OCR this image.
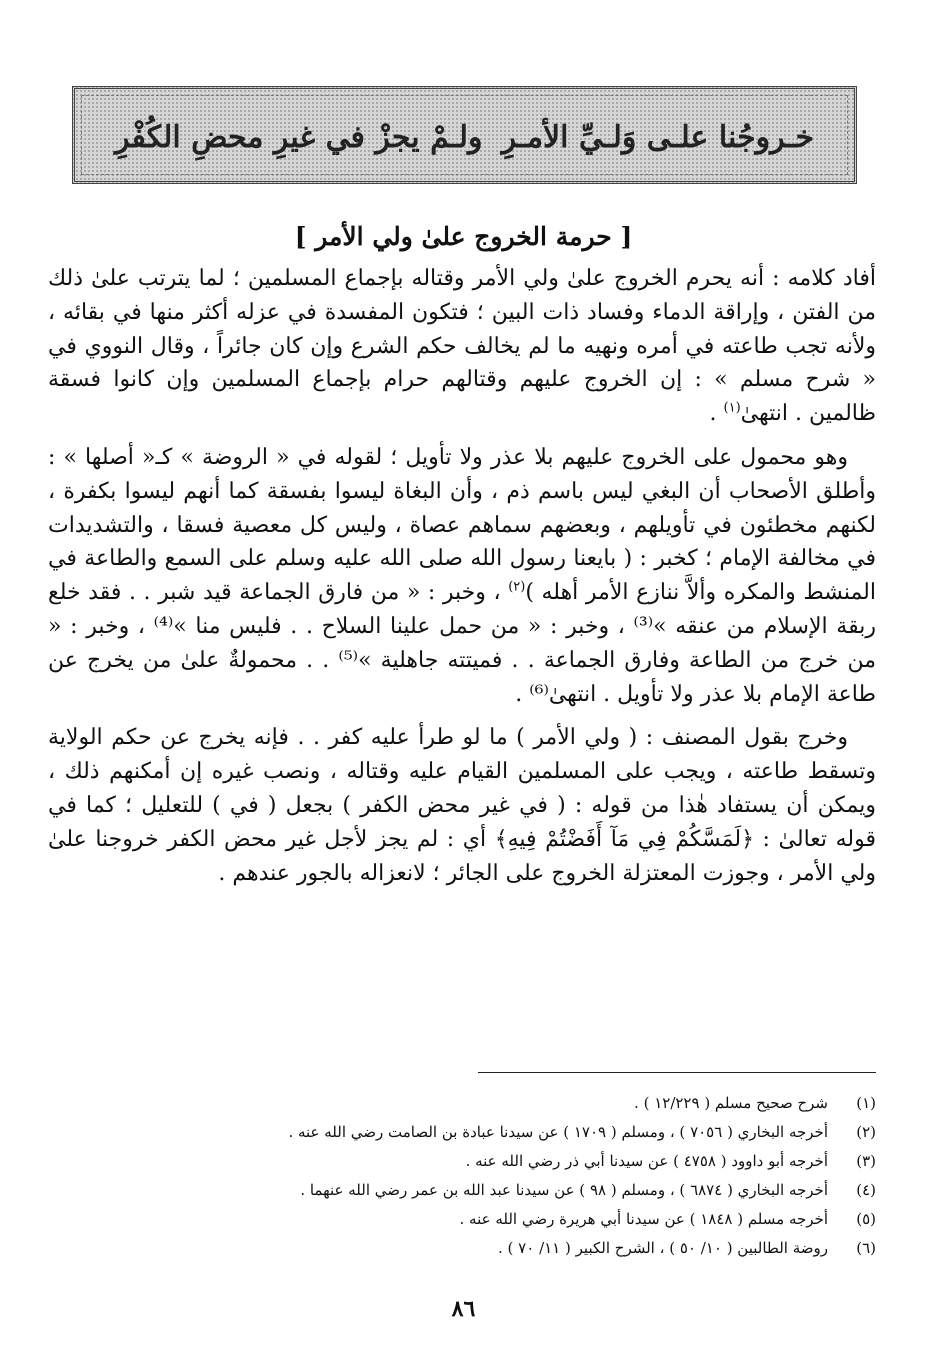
خـروجُنا علـى وَلـيِّ الأمـرِ
ولـمْ يجزْ في غيرِ محضِ الكُفْرِ
[ حرمة الخروج علىٰ ولي الأمر ]

أفاد كلامه : أنه يحرم الخروج علىٰ ولي الأمر وقتاله بإجماع المسلمين ؛ لما يترتب علىٰ ذلك من الفتن ، وإراقة الدماء وفساد ذات البين ؛ فتكون المفسدة في عزله أكثر منها في بقائه ، ولأنه تجب طاعته في أمره ونهيه ما لم يخالف حكم الشرع وإن كان جائراً ، وقال النووي في « شرح مسلم » : إن الخروج عليهم وقتالهم حرام بإجماع المسلمين وإن كانوا فسقة ظالمين . انتهىٰ$^{(١)}$ .

وهو محمول على الخروج عليهم بلا عذر ولا تأويل ؛ لقوله في « الروضة » كـ« أصلها » : وأطلق الأصحاب أن البغي ليس باسم ذم ، وأن البغاة ليسوا بفسقة كما أنهم ليسوا بكفرة ، لكنهم مخطئون في تأويلهم ، وبعضهم سماهم عصاة ، وليس كل معصية فسقا ، والتشديدات في مخالفة الإمام ؛ كخبر : ( بايعنا رسول الله صلى الله عليه وسلم على السمع والطاعة في المنشط والمكره وألاَّ ننازع الأمر أهله )$^{(٢)}$ ، وخبر : « من فارق الجماعة قيد شبر . . فقد خلع ربقة الإسلام من عنقه »⁽³⁾ ، وخبر : « من حمل علينا السلاح . . فليس منا »⁽⁴⁾ ، وخبر : « من خرج من الطاعة وفارق الجماعة . . فميتته جاهلية »⁽⁵⁾ . . محمولةٌ علىٰ من يخرج عن طاعة الإمام بلا عذر ولا تأويل . انتهىٰ⁽⁶⁾ .

وخرج بقول المصنف : ( ولي الأمر ) ما لو طرأ عليه كفر . . فإنه يخرج عن حكم الولاية وتسقط طاعته ، ويجب على المسلمين القيام عليه وقتاله ، ونصب غيره إن أمكنهم ذلك ، ويمكن أن يستفاد هٰذا من قوله : ( في غير محض الكفر ) بجعل ( في ) للتعليل ؛ كما في قوله تعالىٰ : ﴿لَمَسَّكُمْ فِي مَآ أَفَضْتُمْ فِيهِ﴾ أي : لم يجز لأجل غير محض الكفر خروجنا علىٰ ولي الأمر ، وجوزت المعتزلة الخروج على الجائر ؛ لانعزاله بالجور عندهم .

(١)
شرح صحيح مسلم ( ١٢/٢٢٩ ) .
(٢)
أخرجه البخاري ( ٧٠٥٦ ) ، ومسلم ( ١٧٠٩ ) عن سيدنا عبادة بن الصامت رضي الله عنه .
(٣)
أخرجه أبو داوود ( ٤٧٥٨ ) عن سيدنا أبي ذر رضي الله عنه .
(٤)
أخرجه البخاري ( ٦٨٧٤ ) ، ومسلم ( ٩٨ ) عن سيدنا عبد الله بن عمر رضي الله عنهما .
(٥)
أخرجه مسلم ( ١٨٤٨ ) عن سيدنا أبي هريرة رضي الله عنه .
(٦)
روضة الطالبين ( ١٠/ ٥٠ ) ، الشرح الكبير ( ١١/ ٧٠ ) .
٨٦
